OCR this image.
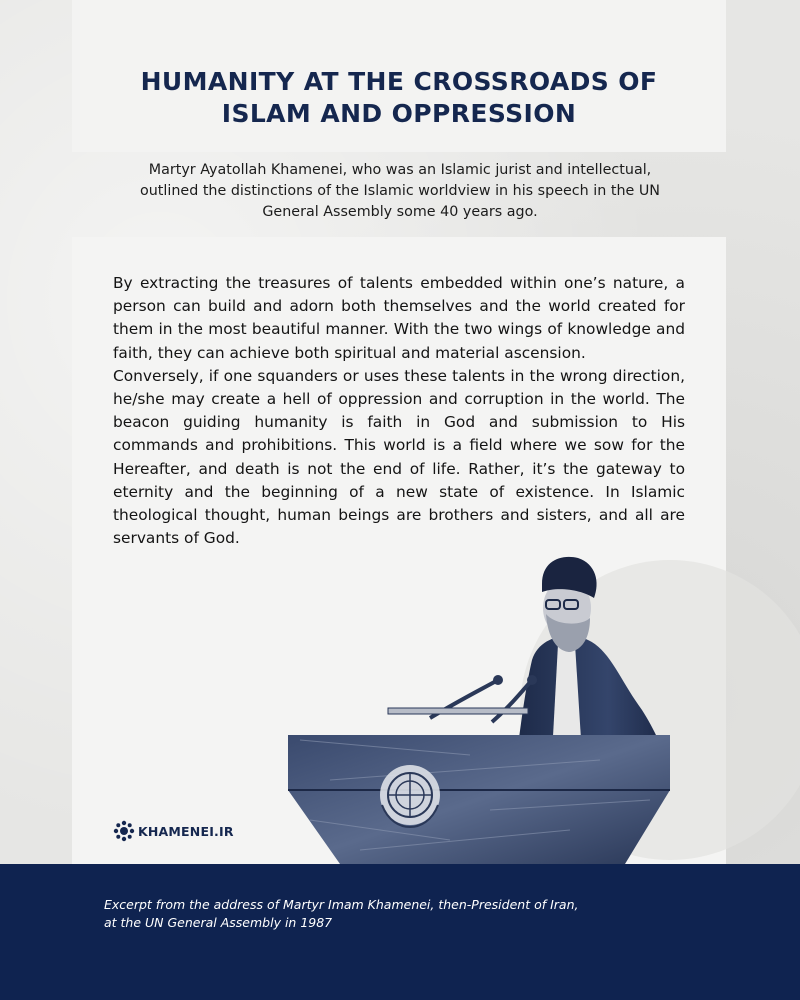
HUMANITY AT THE CROSSROADS OF
ISLAM AND OPPRESSION

Martyr Ayatollah Khamenei, who was an Islamic jurist and intellectual, outlined the distinctions of the Islamic worldview in his speech in the UN General Assembly some 40 years ago.

By extracting the treasures of talents embedded within one’s nature, a person can build and adorn both themselves and the world created for them in the most beautiful manner. With the two wings of knowledge and faith, they can achieve both spiritual and material ascension.

Conversely, if one squanders or uses these talents in the wrong direction, he/she may create a hell of oppression and corruption in the world. The beacon guiding humanity is faith in God and submission to His commands and prohibitions. This world is a field where we sow for the Hereafter, and death is not the end of life. Rather, it’s the gateway to eternity and the beginning of a new state of existence. In Islamic theological thought, human beings are brothers and sisters, and all are servants of God.

KHAMENEI.IR

Excerpt from the address of Martyr Imam Khamenei, then-President of Iran,
at the UN General Assembly in 1987
